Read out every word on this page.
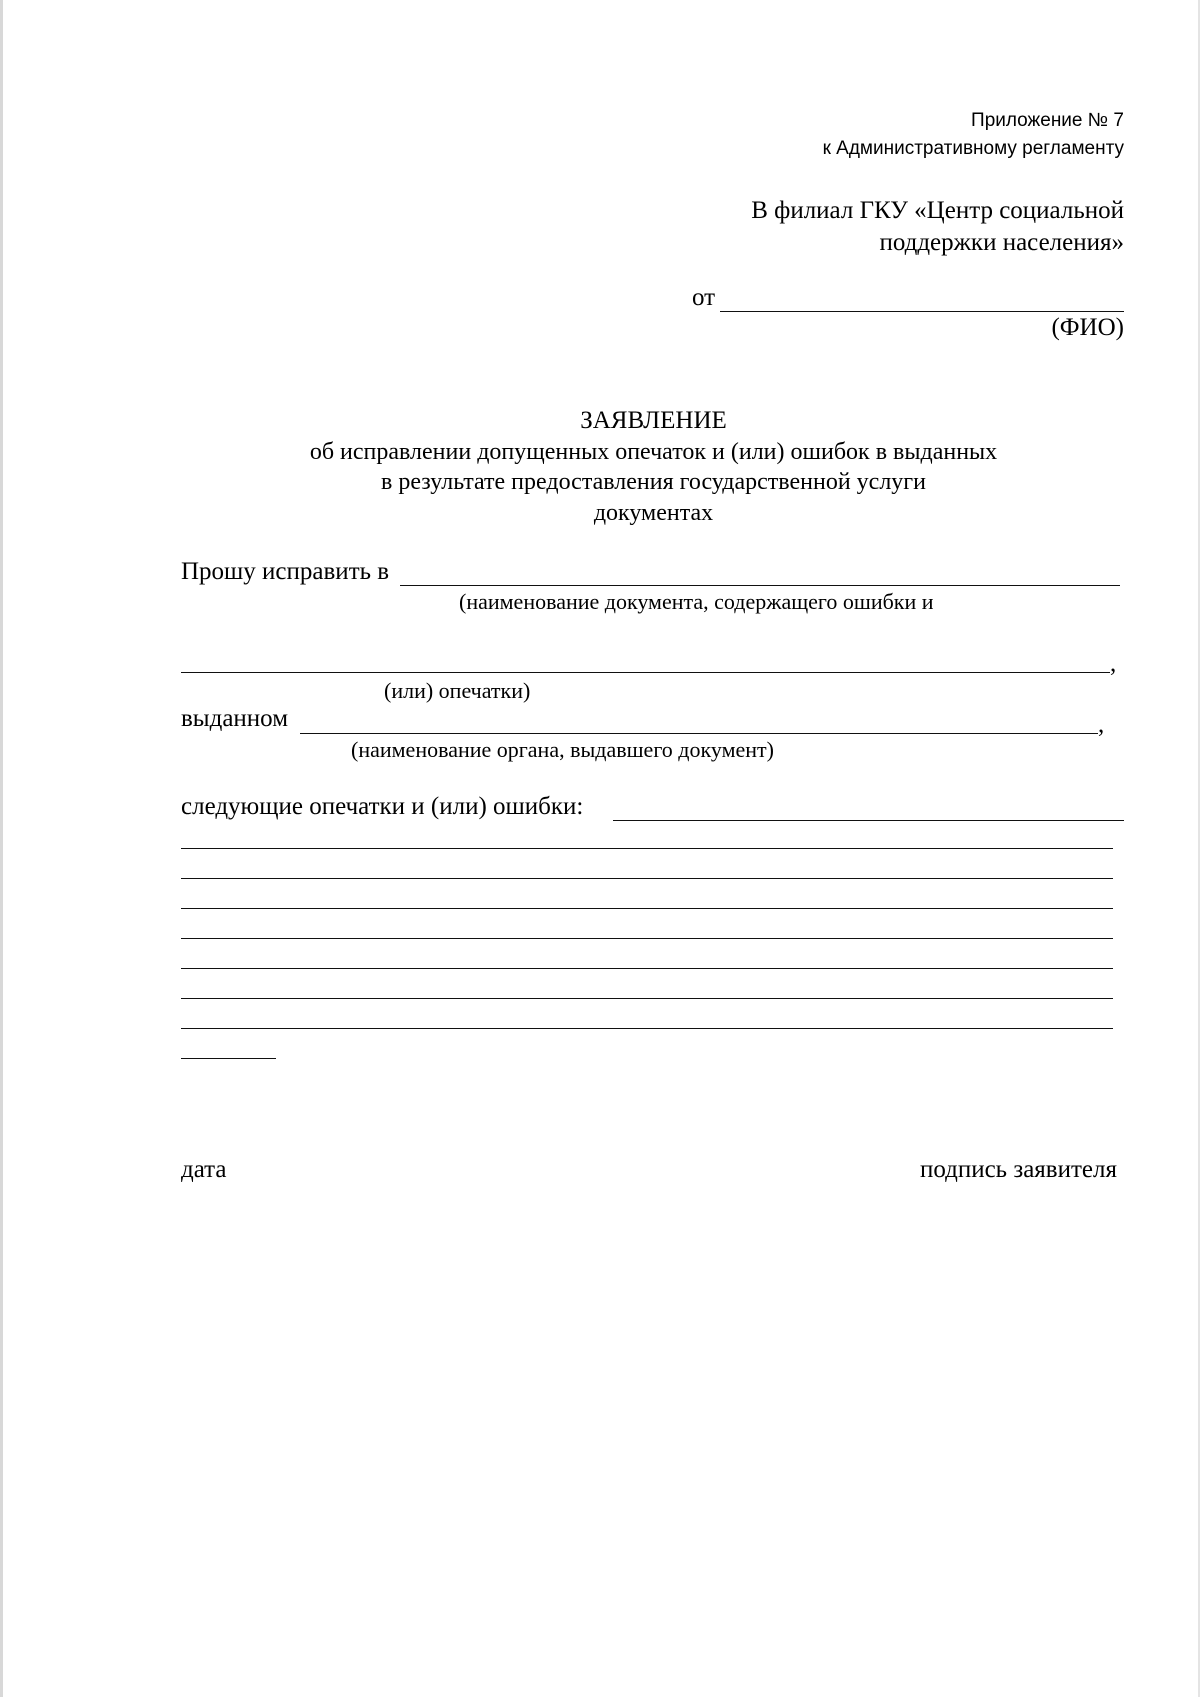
Приложение № 7
к Административному регламенту
В филиал ГКУ «Центр социальной
поддержки населения»
от
(ФИО)
ЗАЯВЛЕНИЕ
об исправлении допущенных опечаток и (или) ошибок в выданных
в результате предоставления государственной услуги
документах
Прошу исправить в
(наименование документа, содержащего ошибки и
,
(или) опечатки)
выданном	,
(наименование органа, выдавшего документ)
следующие опечатки и (или) ошибки:
дата	подпись заявителя
